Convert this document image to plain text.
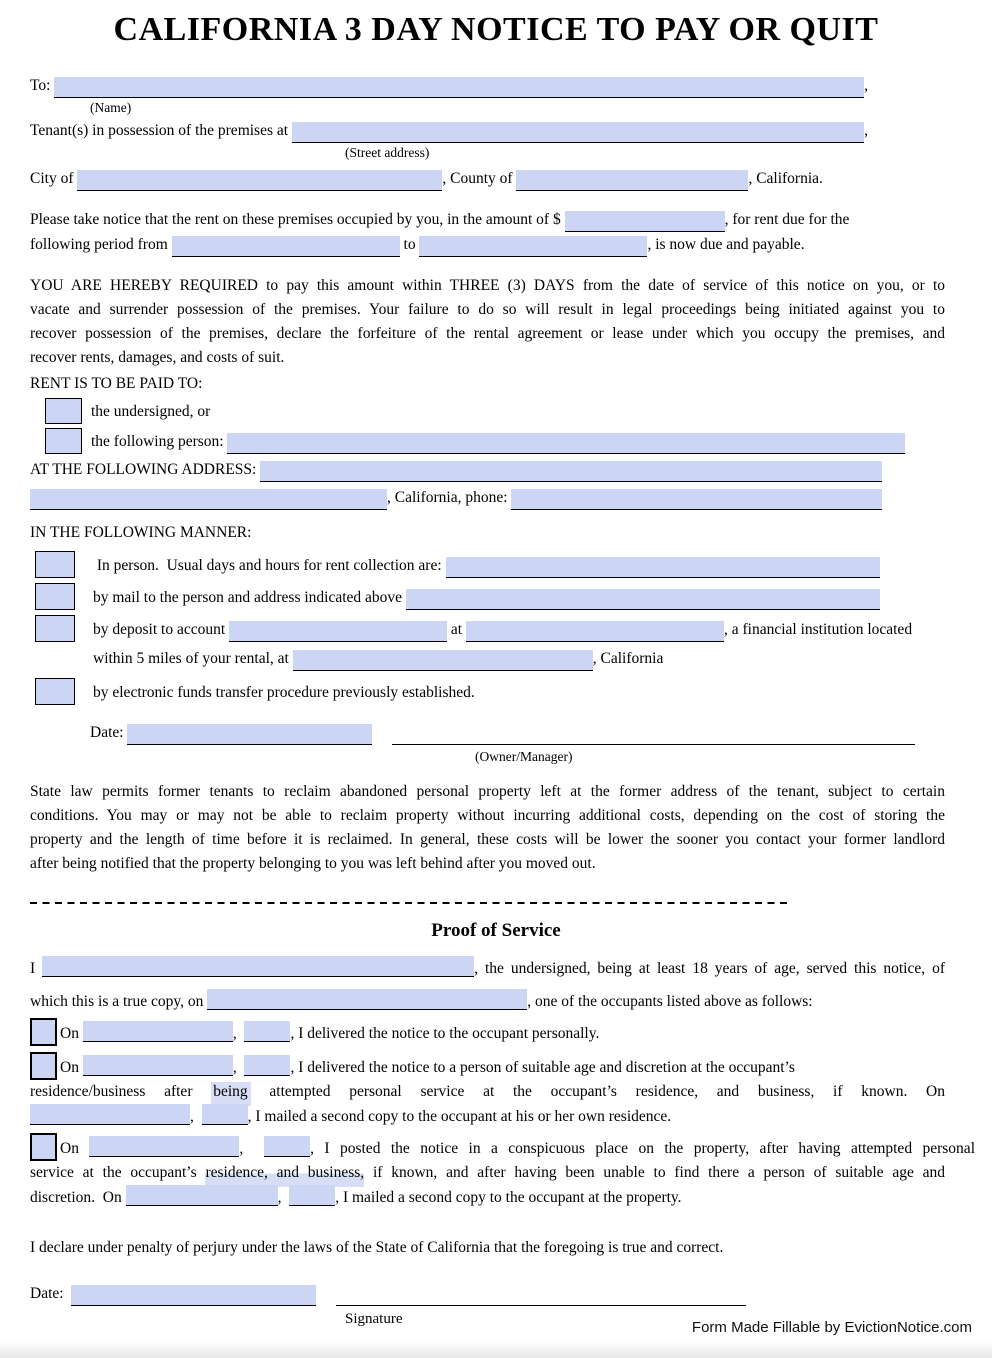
CALIFORNIA 3 DAY NOTICE TO PAY OR QUIT
To:	,
(Name)
Tenant(s) in possession of the premises at	,
(Street address)
City of	, County of	, California.
Please take notice that the rent on these premises occupied by you, in the amount of $	, for rent due for the
following period from	to	, is now due and payable.
YOU ARE HEREBY REQUIRED to pay this amount within THREE (3) DAYS from the date of service of this notice on you, or to
vacate and surrender possession of the premises. Your failure to do so will result in legal proceedings being initiated against you to
recover possession of the premises, declare the forfeiture of the rental agreement or lease under which you occupy the premises, and
recover rents, damages, and costs of suit.
RENT IS TO BE PAID TO:
the undersigned, or
the following person:
AT THE FOLLOWING ADDRESS:
, California, phone:
IN THE FOLLOWING MANNER:
In person.  Usual days and hours for rent collection are:
by mail to the person and address indicated above
by deposit to account	at	, a financial institution located
within 5 miles of your rental, at	, California
by electronic funds transfer procedure previously established.
Date:
(Owner/Manager)
State law permits former tenants to reclaim abandoned personal property left at the former address of the tenant, subject to certain
conditions. You may or may not be able to reclaim property without incurring additional costs, depending on the cost of storing the
property and the length of time before it is reclaimed. In general, these costs will be lower the sooner you contact your former landlord
after being notified that the property belonging to you was left behind after you moved out.
Proof of Service
I	, the undersigned, being at least 18 years of age, served this notice, of
which this is a true copy, on	, one of the occupants listed above as follows:
On	,	, I delivered the notice to the occupant personally.
On	,	, I delivered the notice to a person of suitable age and discretion at the occupant’s
residence/business after being attempted personal service at the occupant’s residence, and business, if known. On
,	, I mailed a second copy to the occupant at his or her own residence.
On	,	, I posted the notice in a conspicuous place on the property, after having attempted personal
service at the occupant’s residence, and business, if known, and after having been unable to find there a person of suitable age and
discretion.  On	,	, I mailed a second copy to the occupant at the property.
I declare under penalty of perjury under the laws of the State of California that the foregoing is true and correct.
Date:
Signature	Form Made Fillable by EvictionNotice.com
